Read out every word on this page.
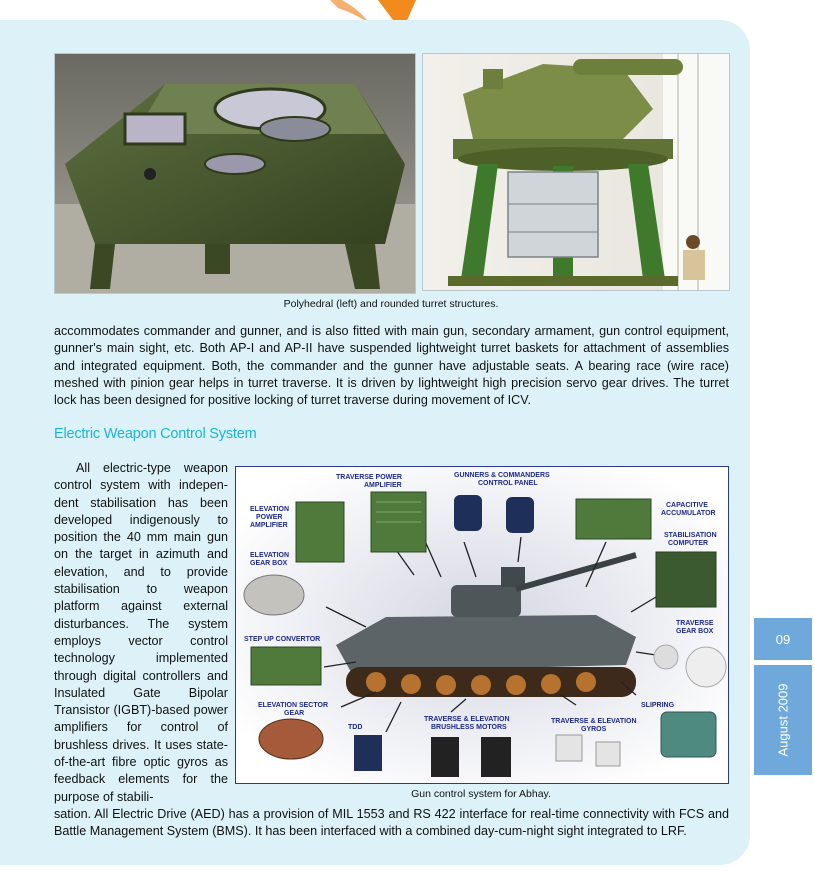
Polyhedral (left) and rounded turret structures.

accommodates commander and gunner, and is also fitted with main gun, secondary armament, gun control equipment, gunner's main sight, etc. Both AP-I and AP-II have suspended lightweight turret baskets for attachment of assemblies and integrated equipment. Both, the commander and the gunner have adjustable seats. A bearing race (wire race) meshed with pinion gear helps in turret traverse. It is driven by lightweight high precision servo gear drives. The turret lock has been designed for positive locking of turret traverse during movement of ICV.

Electric Weapon Control System

All electric-type weapon control system with indepen-dent stabilisation has been developed indigenously to position the 40 mm main gun on the target in azimuth and elevation, and to provide stabilisation to weapon platform against external disturbances. The system employs vector control technology implemented through digital controllers and Insulated Gate Bipolar Transistor (IGBT)-based power amplifiers for control of brushless drives. It uses state-of-the-art fibre optic gyros as feedback elements for the purpose of stabili-

TRAVERSE POWER
AMPLIFIER
GUNNERS & COMMANDERS
CONTROL PANEL
CAPACITIVE
ACCUMULATOR
ELEVATION
POWER
AMPLIFIER
STABILISATION
COMPUTER
ELEVATION
GEAR BOX
TRAVERSE
GEAR BOX
STEP UP CONVERTOR
SLIPRING
ELEVATION SECTOR
GEAR
TDD
TRAVERSE & ELEVATION
BRUSHLESS MOTORS
TRAVERSE & ELEVATION
GYROS

Gun control system for Abhay.

sation. All Electric Drive (AED) has a provision of MIL 1553 and RS 422 interface for real-time connectivity with FCS and Battle Management System (BMS). It has been interfaced with a combined day-cum-night sight integrated to LRF.

09
August 2009
